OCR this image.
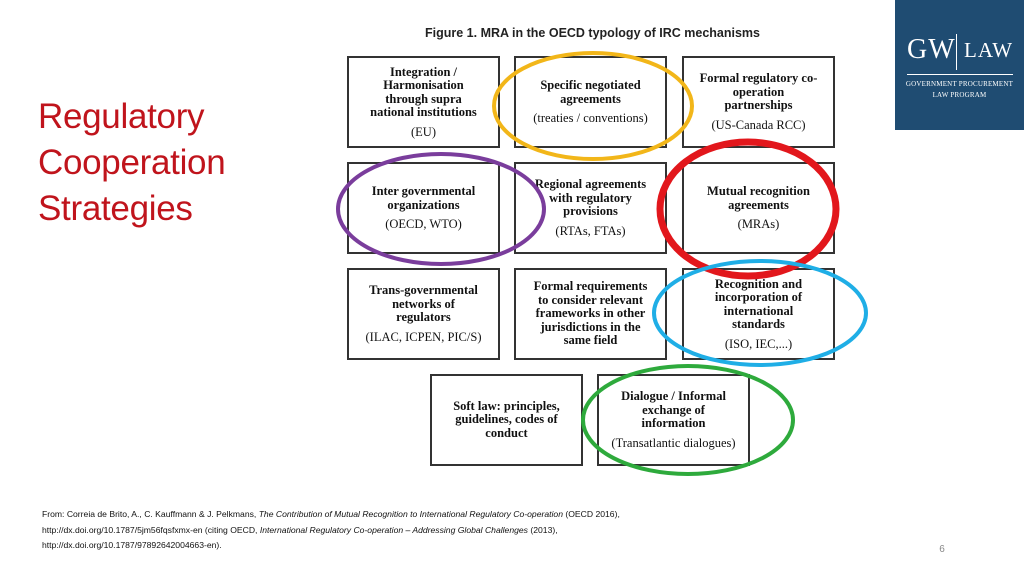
Regulatory
Cooperation
Strategies
GW LAW
GOVERNMENT PROCUREMENT
LAW PROGRAM
Figure 1. MRA in the OECD typology of IRC mechanisms
Integration /
Harmonisation
through supra
national institutions
(EU)
Specific negotiated
agreements
(treaties / conventions)
Formal regulatory co-
operation
partnerships
(US-Canada RCC)
Inter governmental
organizations
(OECD, WTO)
Regional agreements
with regulatory
provisions
(RTAs, FTAs)
Mutual recognition
agreements
(MRAs)
Trans-governmental
networks of
regulators
(ILAC, ICPEN, PIC/S)
Formal requirements
to consider relevant
frameworks in other
jurisdictions in the
same field
Recognition and
incorporation of
international
standards
(ISO, IEC,...)
Soft law: principles,
guidelines, codes of
conduct
Dialogue / Informal
exchange of
information
(Transatlantic dialogues)
From: Correia de Brito, A., C. Kauffmann & J. Pelkmans, The Contribution of Mutual Recognition to International Regulatory Co-operation (OECD 2016), http://dx.doi.org/10.1787/5jm56fqsfxmx-en (citing OECD, International Regulatory Co-operation – Addressing Global Challenges (2013), http://dx.doi.org/10.1787/97892642004663-en).	6
